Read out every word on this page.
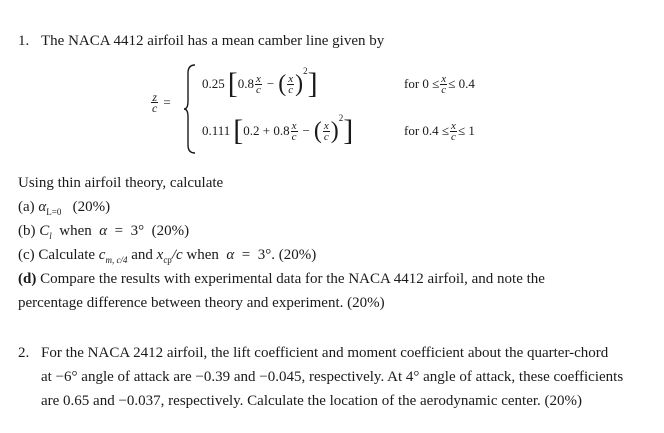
1. The NACA 4412 airfoil has a mean camber line given by
$\frac{z}{c}$ =
0.25 [ $0.8 \frac{x}{c}$ − ( $\frac{x}{c}$ ) 2 ]	for $0 \le \frac{x}{c} \le 0.4$
0.111 [ $0.2 + 0.8 \frac{x}{c}$ − ( $\frac{x}{c}$ ) 2 ]	for $0.4 \le \frac{x}{c} \le 1$
Using thin airfoil theory, calculate
(a) $\alpha_{L=0}$ (20%)
(b) $C_l$ when α = 3° (20%)
(c) Calculate $c_{m, c/4}$ and $x_{cp}/c$ when α = 3°. (20%)
(d) Compare the results with experimental data for the NACA 4412 airfoil, and note the
percentage difference between theory and experiment. (20%)
2. For the NACA 2412 airfoil, the lift coefficient and moment coefficient about the quarter-chord
at −6° angle of attack are −0.39 and −0.045, respectively. At 4° angle of attack, these coefficients
are 0.65 and −0.037, respectively. Calculate the location of the aerodynamic center. (20%)
